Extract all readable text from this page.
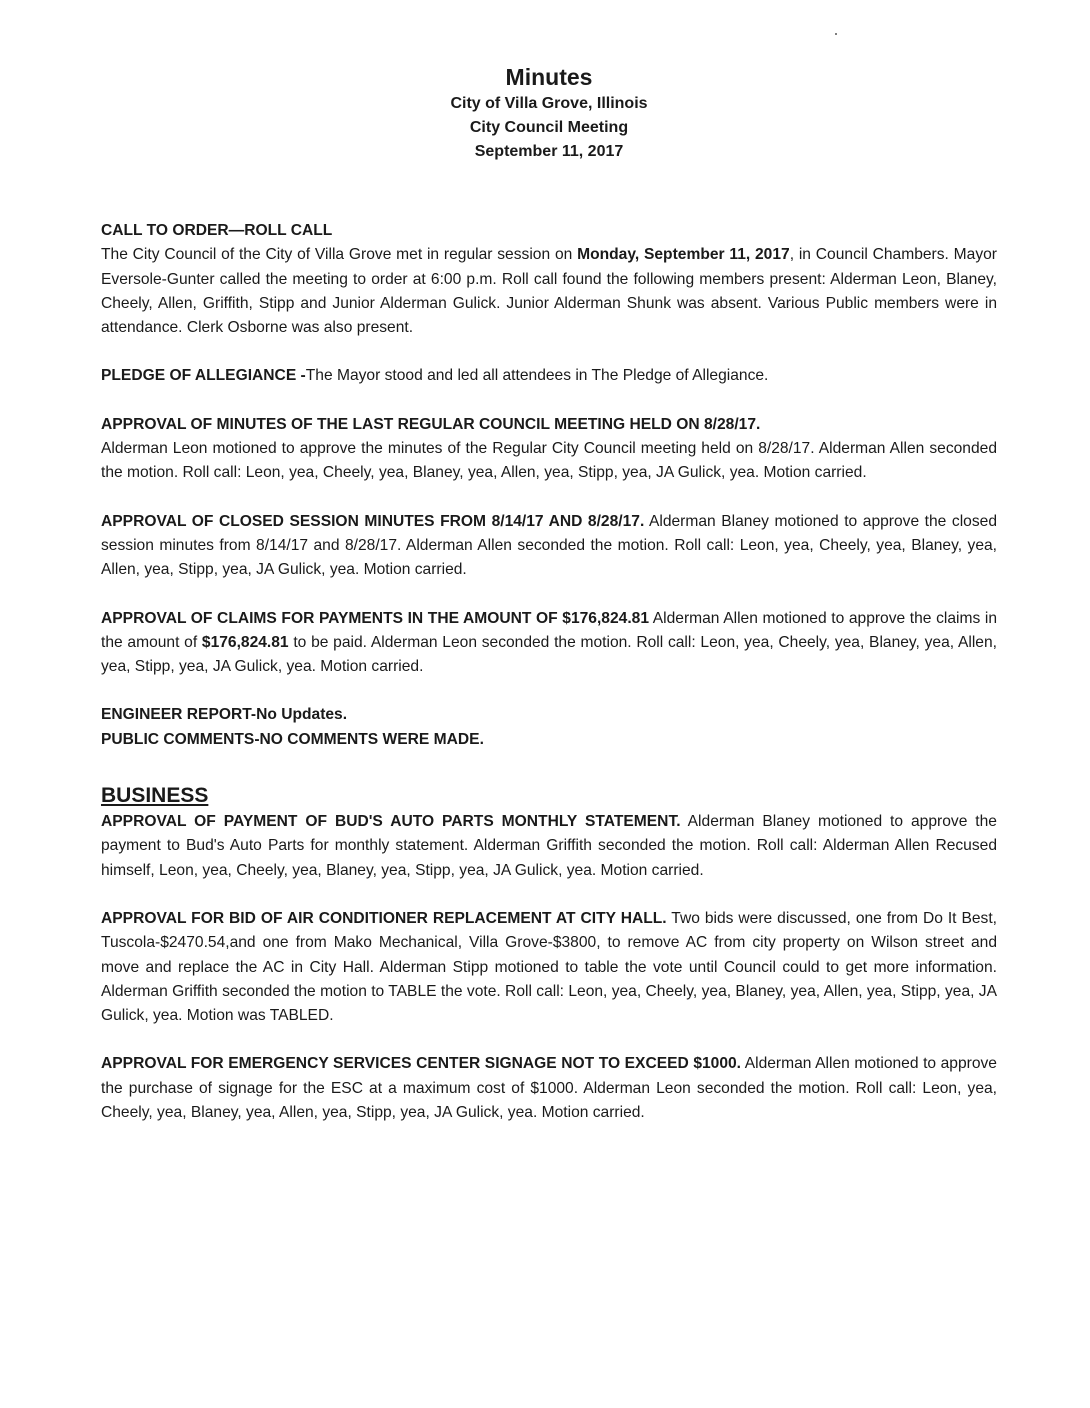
Minutes

City of Villa Grove, Illinois

City Council Meeting

September 11, 2017

CALL TO ORDER—ROLL CALL

The City Council of the City of Villa Grove met in regular session on Monday, September 11, 2017, in Council Chambers. Mayor Eversole-Gunter called the meeting to order at 6:00 p.m. Roll call found the following members present: Alderman Leon, Blaney, Cheely, Allen, Griffith, Stipp and Junior Alderman Gulick. Junior Alderman Shunk was absent. Various Public members were in attendance. Clerk Osborne was also present.

PLEDGE OF ALLEGIANCE -The Mayor stood and led all attendees in The Pledge of Allegiance.

APPROVAL OF MINUTES OF THE LAST REGULAR COUNCIL MEETING HELD ON 8/28/17.

Alderman Leon motioned to approve the minutes of the Regular City Council meeting held on 8/28/17. Alderman Allen seconded the motion. Roll call: Leon, yea, Cheely, yea, Blaney, yea, Allen, yea, Stipp, yea, JA Gulick, yea. Motion carried.

APPROVAL OF CLOSED SESSION MINUTES FROM 8/14/17 AND 8/28/17. Alderman Blaney motioned to approve the closed session minutes from 8/14/17 and 8/28/17. Alderman Allen seconded the motion. Roll call: Leon, yea, Cheely, yea, Blaney, yea, Allen, yea, Stipp, yea, JA Gulick, yea. Motion carried.

APPROVAL OF CLAIMS FOR PAYMENTS IN THE AMOUNT OF $176,824.81 Alderman Allen motioned to approve the claims in the amount of $176,824.81 to be paid. Alderman Leon seconded the motion. Roll call: Leon, yea, Cheely, yea, Blaney, yea, Allen, yea, Stipp, yea, JA Gulick, yea. Motion carried.

ENGINEER REPORT-No Updates.

PUBLIC COMMENTS-NO COMMENTS WERE MADE.

BUSINESS

APPROVAL OF PAYMENT OF BUD'S AUTO PARTS MONTHLY STATEMENT. Alderman Blaney motioned to approve the payment to Bud's Auto Parts for monthly statement. Alderman Griffith seconded the motion. Roll call: Alderman Allen Recused himself, Leon, yea, Cheely, yea, Blaney, yea, Stipp, yea, JA Gulick, yea. Motion carried.

APPROVAL FOR BID OF AIR CONDITIONER REPLACEMENT AT CITY HALL. Two bids were discussed, one from Do It Best, Tuscola-$2470.54,and one from Mako Mechanical, Villa Grove-$3800, to remove AC from city property on Wilson street and move and replace the AC in City Hall. Alderman Stipp motioned to table the vote until Council could to get more information. Alderman Griffith seconded the motion to TABLE the vote. Roll call: Leon, yea, Cheely, yea, Blaney, yea, Allen, yea, Stipp, yea, JA Gulick, yea. Motion was TABLED.

APPROVAL FOR EMERGENCY SERVICES CENTER SIGNAGE NOT TO EXCEED $1000. Alderman Allen motioned to approve the purchase of signage for the ESC at a maximum cost of $1000. Alderman Leon seconded the motion. Roll call: Leon, yea, Cheely, yea, Blaney, yea, Allen, yea, Stipp, yea, JA Gulick, yea. Motion carried.
